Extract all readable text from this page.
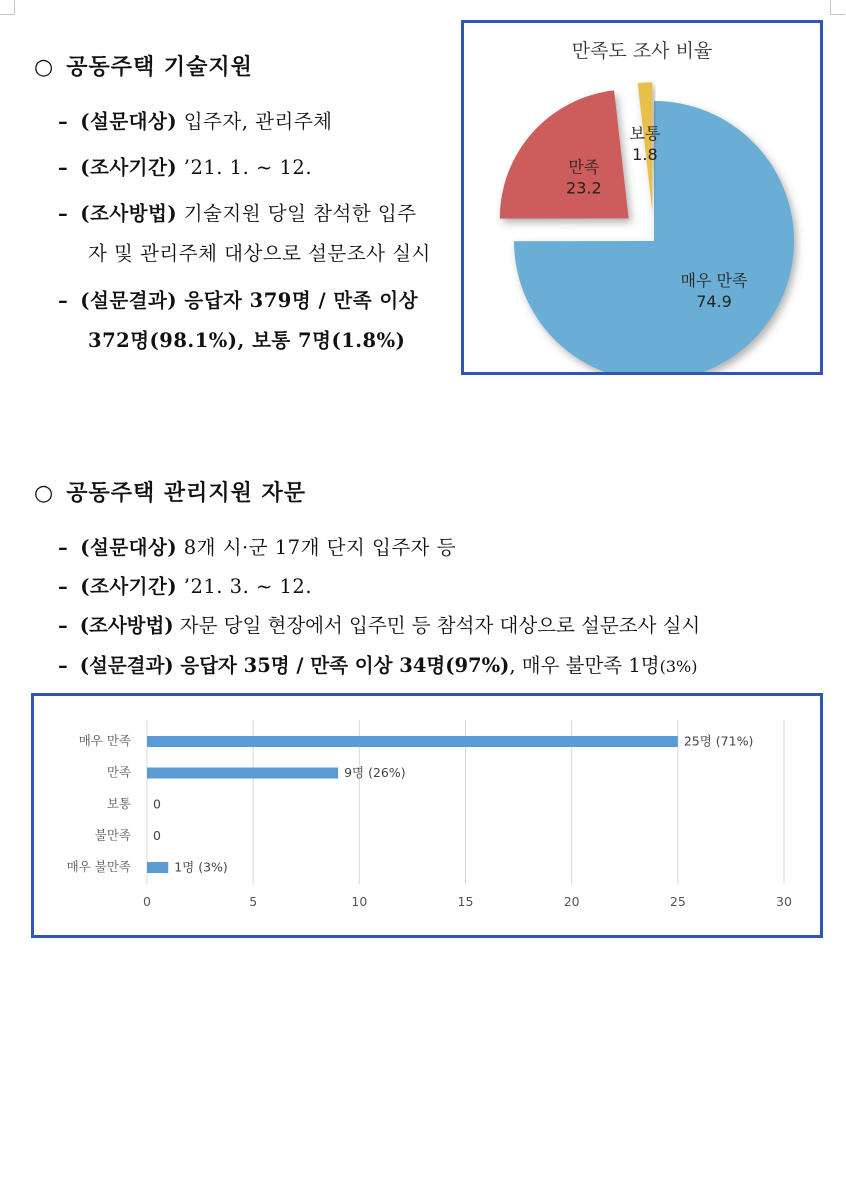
○ 공동주택 기술지원
– (설문대상) 입주자, 관리주체
– (조사기간) ’21. 1. ~ 12.
– (조사방법) 기술지원 당일 참석한 입주
자 및 관리주체 대상으로 설문조사 실시
– (설문결과) 응답자 379명 / 만족 이상
372명(98.1%), 보통 7명(1.8%)
만족도 조사 비율
매우 만족 74.9
만족 23.2
보통 1.8
○ 공동주택 관리지원 자문
– (설문대상) 8개 시·군 17개 단지 입주자 등
– (조사기간) ’21. 3. ~ 12.
– (조사방법) 자문 당일 현장에서 입주민 등 참석자 대상으로 설문조사 실시
– (설문결과) 응답자 35명 / 만족 이상 34명(97%), 매우 불만족 1명(3%)
0	5	10	15	20	25	30
매우 만족	25명 (71%)
만족	9명 (26%)
보통 0
불만족 0
매우 불만족	1명 (3%)
